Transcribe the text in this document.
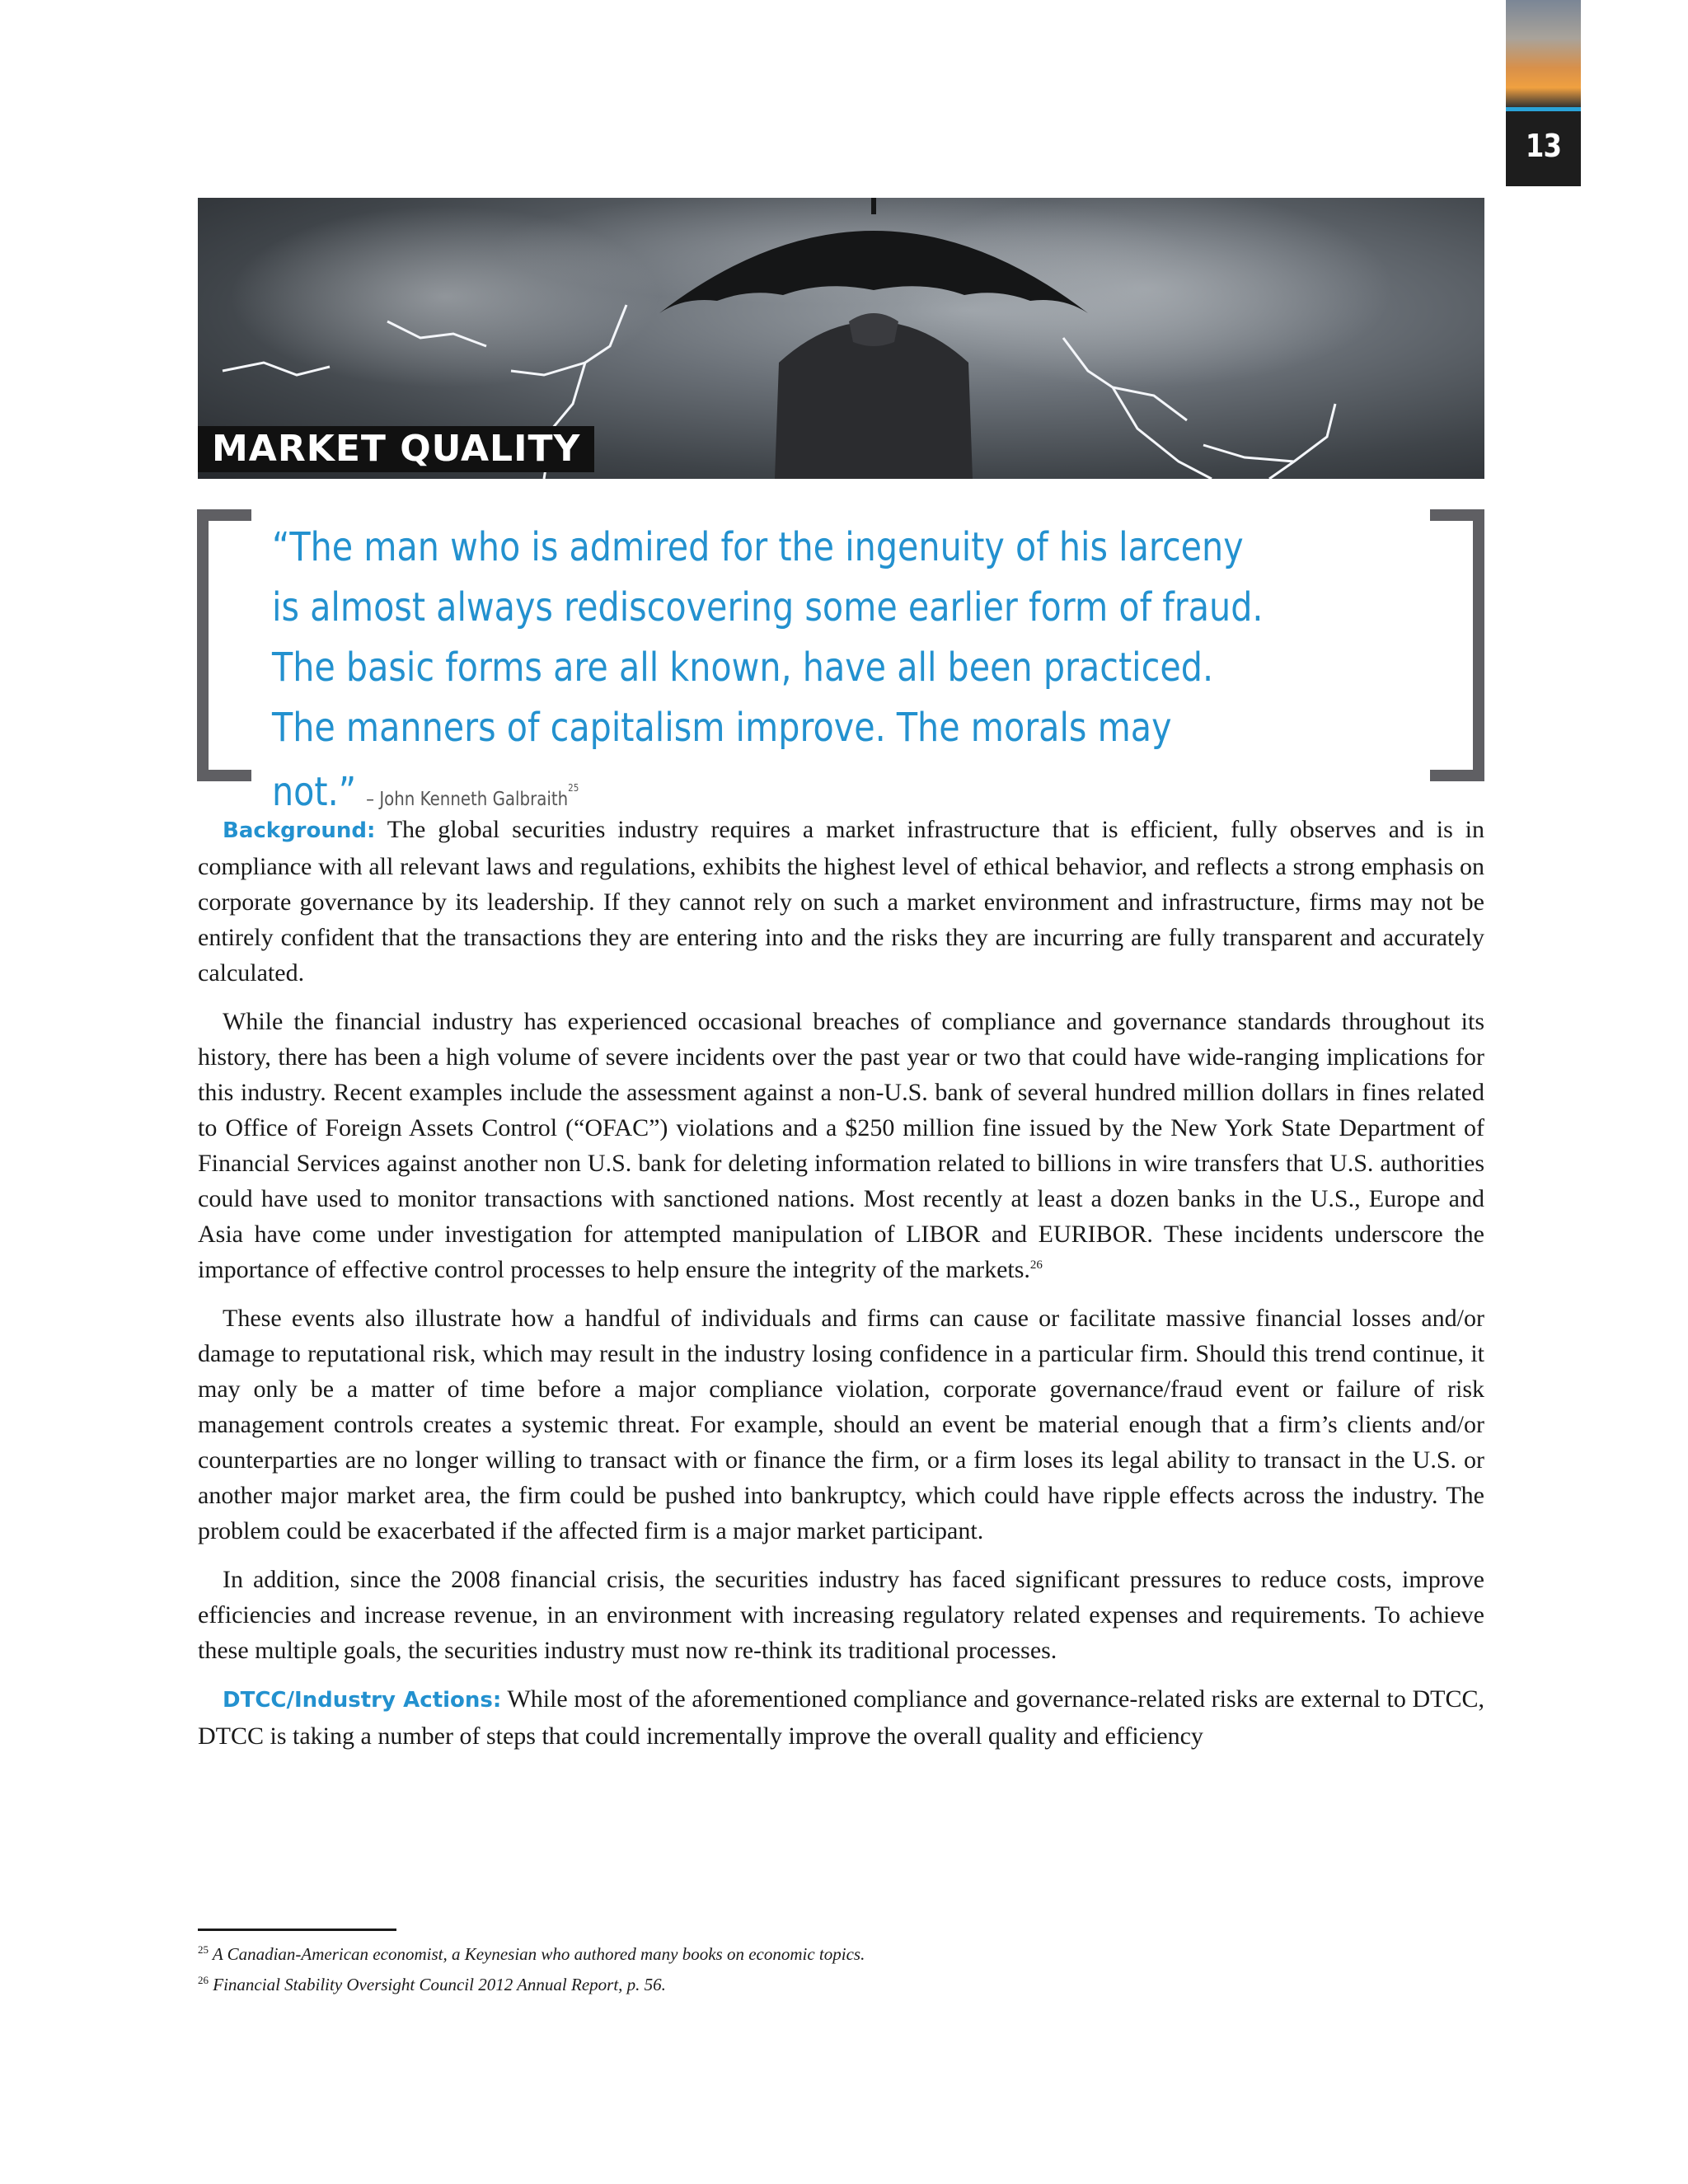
13
MARKET QUALITY
“The man who is admired for the ingenuity of his larceny is almost always rediscovering some earlier form of fraud. The basic forms are all known, have all been practiced. The manners of capitalism improve. The morals may not.” – John Kenneth Galbraith$^{25}$

Background: The global securities industry requires a market infrastructure that is efficient, fully observes and is in compliance with all relevant laws and regulations, exhibits the highest level of ethical behavior, and reflects a strong emphasis on corporate governance by its leadership. If they cannot rely on such a market environment and infrastructure, firms may not be entirely confident that the transactions they are entering into and the risks they are incurring are fully transparent and accurately calculated.

While the financial industry has experienced occasional breaches of compliance and governance standards throughout its history, there has been a high volume of severe incidents over the past year or two that could have wide-ranging implications for this industry. Recent examples include the assessment against a non-U.S. bank of several hundred million dollars in fines related to Office of Foreign Assets Control (“OFAC”) violations and a $250 million fine issued by the New York State Department of Financial Services against another non U.S. bank for deleting information related to billions in wire transfers that U.S. authorities could have used to monitor transactions with sanctioned nations. Most recently at least a dozen banks in the U.S., Europe and Asia have come under investigation for attempted manipulation of LIBOR and EURIBOR. These incidents underscore the importance of effective control processes to help ensure the integrity of the markets.$^{26}$

These events also illustrate how a handful of individuals and firms can cause or facilitate massive financial losses and/or damage to reputational risk, which may result in the industry losing confidence in a particular firm. Should this trend continue, it may only be a matter of time before a major compliance violation, corporate governance/fraud event or failure of risk management controls creates a systemic threat. For example, should an event be material enough that a firm’s clients and/or counterparties are no longer willing to transact with or finance the firm, or a firm loses its legal ability to transact in the U.S. or another major market area, the firm could be pushed into bankruptcy, which could have ripple effects across the industry. The problem could be exacerbated if the affected firm is a major market participant.

In addition, since the 2008 financial crisis, the securities industry has faced significant pressures to reduce costs, improve efficiencies and increase revenue, in an environment with increasing regulatory related expenses and requirements. To achieve these multiple goals, the securities industry must now re-think its traditional processes.

DTCC/Industry Actions: While most of the aforementioned compliance and governance-related risks are external to DTCC, DTCC is taking a number of steps that could incrementally improve the overall quality and efficiency

$^{25}$ A Canadian-American economist, a Keynesian who authored many books on economic topics.
$^{26}$ Financial Stability Oversight Council 2012 Annual Report, p. 56.
